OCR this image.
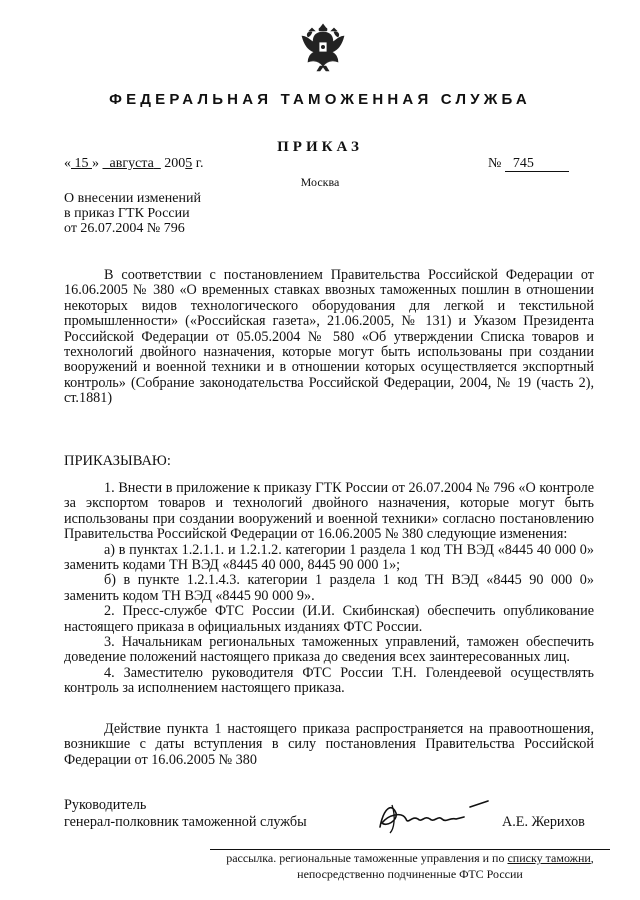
ФЕДЕРАЛЬНАЯ ТАМОЖЕННАЯ СЛУЖБА
ПРИКАЗ
« 15 » августа 2005 г.	№ 745
Москва
О внесении изменений
в приказ ГТК России
от 26.07.2004 № 796
В соответствии с постановлением Правительства Российской Федерации от 16.06.2005 № 380 «О временных ставках ввозных таможенных пошлин в отношении некоторых видов технологического оборудования для легкой и текстильной промышленности» («Российская газета», 21.06.2005, № 131) и Указом Президента Российской Федерации от 05.05.2004 № 580 «Об утверждении Списка товаров и технологий двойного назначения, которые могут быть использованы при создании вооружений и военной техники и в отношении которых осуществляется экспортный контроль» (Собрание законодательства Российской Федерации, 2004, № 19 (часть 2), ст.1881)
ПРИКАЗЫВАЮ:
1. Внести в приложение к приказу ГТК России от 26.07.2004 № 796 «О контроле за экспортом товаров и технологий двойного назначения, которые могут быть использованы при создании вооружений и военной техники» согласно постановлению Правительства Российской Федерации от 16.06.2005 № 380 следующие изменения:
а) в пунктах 1.2.1.1. и 1.2.1.2. категории 1 раздела 1 код ТН ВЭД «8445 40 000 0» заменить кодами ТН ВЭД «8445 40 000, 8445 90 000 1»;
б) в пункте 1.2.1.4.3. категории 1 раздела 1 код ТН ВЭД «8445 90 000 0» заменить кодом ТН ВЭД «8445 90 000 9».
2. Пресс-службе ФТС России (И.И. Скибинская) обеспечить опубликование настоящего приказа в официальных изданиях ФТС России.
3. Начальникам региональных таможенных управлений, таможен обеспечить доведение положений настоящего приказа до сведения всех заинтересованных лиц.
4. Заместителю руководителя ФТС России Т.Н. Голендеевой осуществлять контроль за исполнением настоящего приказа.
Действие пункта 1 настоящего приказа распространяется на правоотношения, возникшие с даты вступления в силу постановления Правительства Российской Федерации от 16.06.2005 № 380
Руководитель
генерал-полковник таможенной службы	А.Е. Жерихов
рассылка. региональные таможенные управления и по списку таможни,
непосредственно подчиненные ФТС России
